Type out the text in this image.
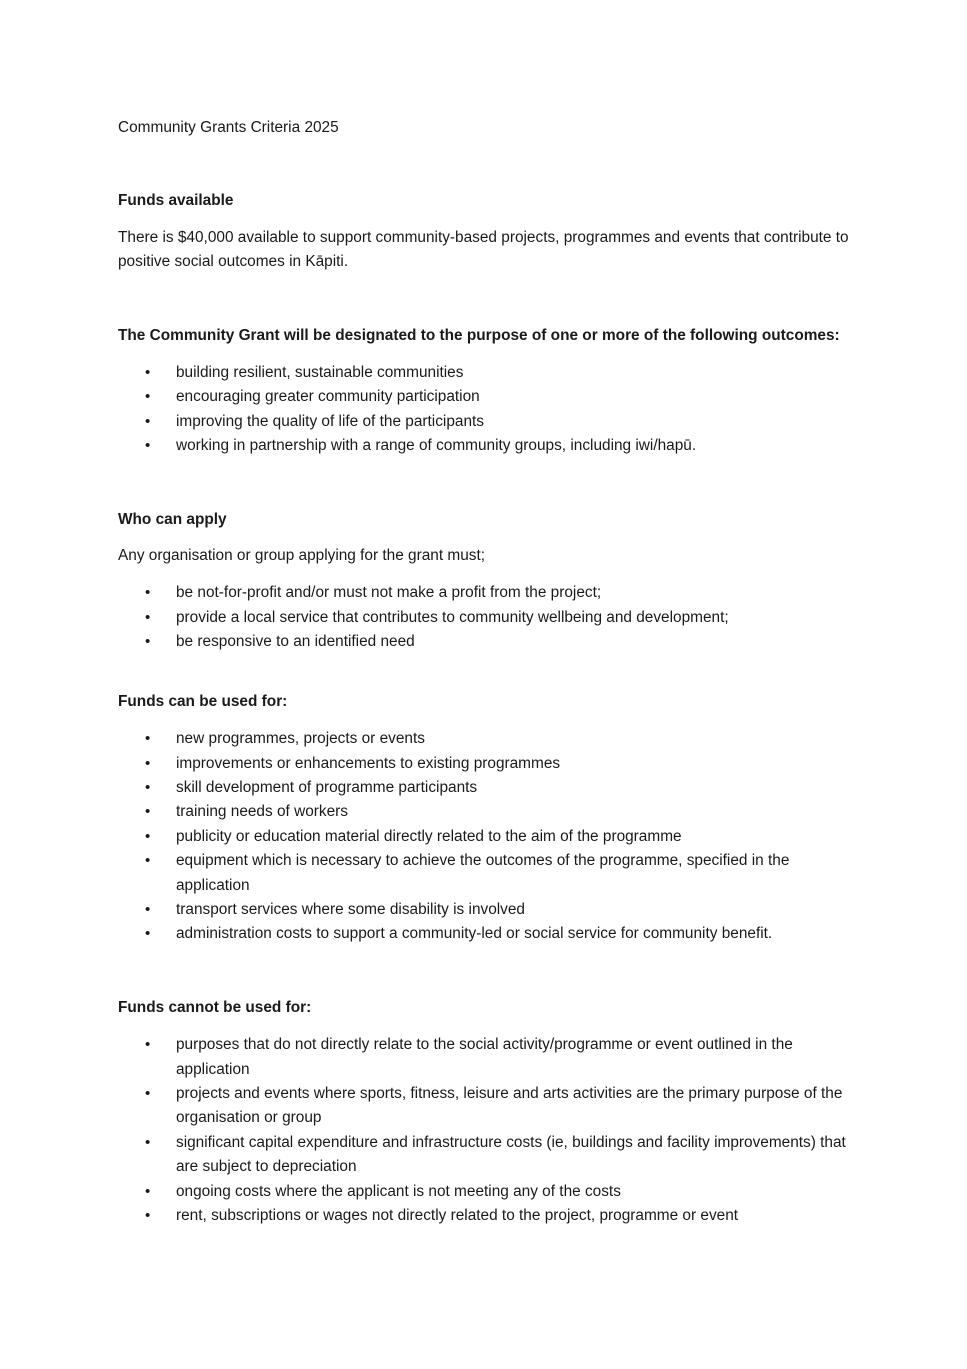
Community Grants Criteria 2025
Funds available

There is $40,000 available to support community-based projects, programmes and events that contribute to positive social outcomes in Kāpiti.

The Community Grant will be designated to the purpose of one or more of the following outcomes:
• building resilient, sustainable communities
• encouraging greater community participation
• improving the quality of life of the participants
• working in partnership with a range of community groups, including iwi/hapū.
Who can apply

Any organisation or group applying for the grant must;

• be not-for-profit and/or must not make a profit from the project;
• provide a local service that contributes to community wellbeing and development;
• be responsive to an identified need
Funds can be used for:
• new programmes, projects or events
• improvements or enhancements to existing programmes
• skill development of programme participants
• training needs of workers
• publicity or education material directly related to the aim of the programme
• equipment which is necessary to achieve the outcomes of the programme, specified in the application
• transport services where some disability is involved
• administration costs to support a community-led or social service for community benefit.
Funds cannot be used for:
• purposes that do not directly relate to the social activity/programme or event outlined in the application
• projects and events where sports, fitness, leisure and arts activities are the primary purpose of the organisation or group
• significant capital expenditure and infrastructure costs (ie, buildings and facility improvements) that are subject to depreciation
• ongoing costs where the applicant is not meeting any of the costs
• rent, subscriptions or wages not directly related to the project, programme or event
